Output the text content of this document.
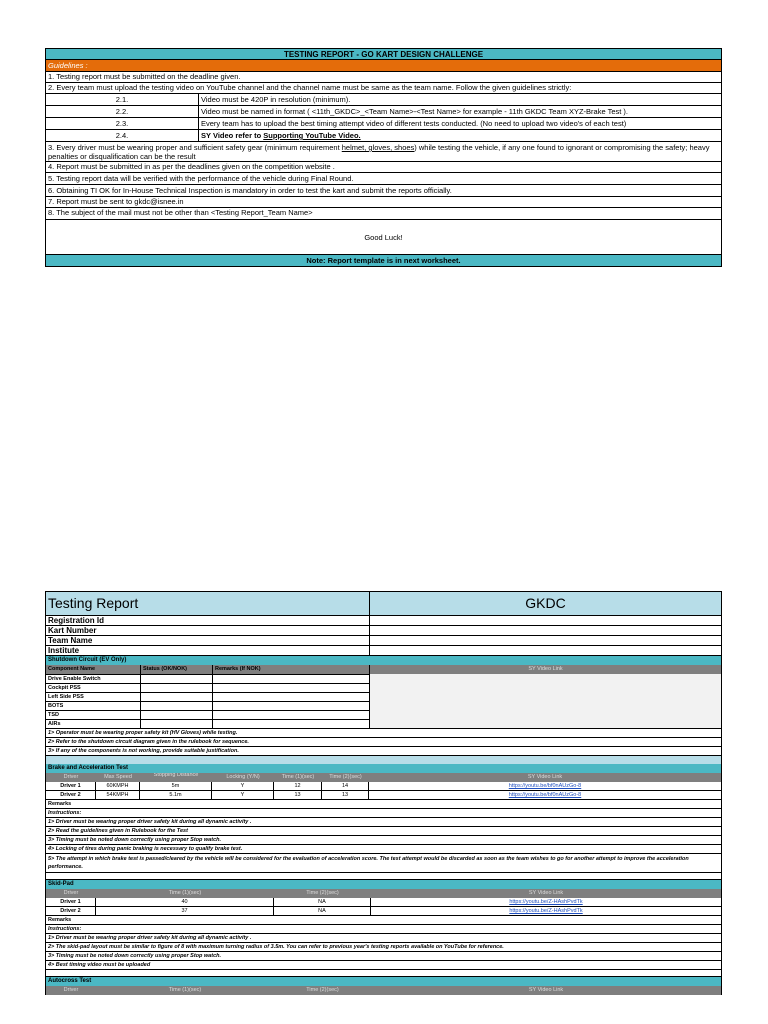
TESTING REPORT - GO KART DESIGN CHALLENGE
Guidelines :
1. Testing report must be submitted on the deadline given.
2. Every team must upload the testing video on YouTube channel and the channel name must be same as the team name. Follow the given guidelines strictly:
2.1.	Video must be 420P in resolution (minimum).
2.2.	Video must be named in format ( <11th_GKDC>_<Team Name>-<Test Name> for example - 11th GKDC Team XYZ-Brake Test ).
2.3.	Every team has to upload the best timing attempt video of different tests conducted. (No need to upload two video's of each test)
2.4.	SY Video refer to Supporting YouTube Video.
3. Every driver must be wearing proper and sufficient safety gear (minimum requirement helmet, gloves, shoes) while testing the vehicle, if any one found to ignorant or compromising the safety; heavy penalties or disqualification can be the result
4. Report must be submitted in as per the deadlines given on the competition website .
5. Testing report data will be verified with the performance of the vehicle during Final Round.
6. Obtaining TI OK for In-House Technical Inspection is mandatory in order to test the kart and submit the reports officially.
7. Report must be sent to gkdc@isnee.in
8. The subject of the mail must not be other than <Testing Report_Team Name>
Good Luck!
Note: Report template is in next worksheet.
Testing Report	GKDC
Registration Id
Kart Number
Team Name
Institute
Shutdown Circuit (EV Only)
Component Name	Status (OK/NOK)	Remarks (If NOK)
Drive Enable Switch
Cockpit PSS
Left Side PSS
BOTS
TSD
AIRs
SY Video Link
1> Operator must be wearing proper safety kit (HV Gloves) while testing.
2> Refer to the shutdown circuit diagram given in the rulebook for sequence.
3> If any of the components is not working, provide suitable justification.
Brake and Acceleration Test
Driver	Max Speed	Stopping Distance	Locking (Y/N)	Time (1)(sec)	Time (2)(sec)	SY Video Link
Driver 1	60KMPH	5m	Y	12	14	https://youtu.be/bf0nAUzGo-8
Driver 2	54KMPH	5.1m	Y	13	13	https://youtu.be/bf0nAUzGo-8
Remarks
Instructions:
1> Driver must be wearing proper driver safety kit during all dynamic activity .
2> Read the guidelines given in Rulebook for the Test
3> Timing must be noted down correctly using proper Stop watch.
4> Locking of tires during panic braking is necessary to qualify brake test.
5> The attempt in which brake test is passed/cleared by the vehicle will be considered for the evaluation of acceleration score. The test attempt would be discarded as soon as the team wishes to go for another attempt to improve the acceleration performance.
Skid-Pad
Driver	Time (1)(sec)	Time (2)(sec)	SY Video Link
Driver 1	40	NA	https://youtu.be/Z-HAshPvdTk
Driver 2	37	NA	https://youtu.be/Z-HAshPvdTk
Remarks
Instructions:
1> Driver must be wearing proper driver safety kit during all dynamic activity .
2> The skid-pad layout must be similar to figure of 8 with maximum turning radius of 3.5m. You can refer to previous year's testing reports available on YouTube for reference.
3> Timing must be noted down correctly using proper Stop watch.
4> Best timing video must be uploaded
Autocross Test
Driver	Time (1)(sec)	Time (2)(sec)	SY Video Link
